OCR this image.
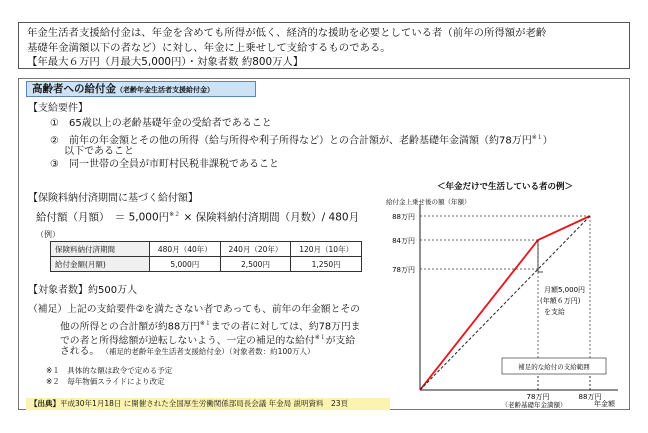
年金生活者支援給付金は、年金を含めても所得が低く、経済的な援助を必要としている者（前年の所得額が老齢
基礎年金満額以下の者など）に対し、年金に上乗せして支給するものである。
【年最大６万円（月最大5,000円）・対象者数 約800万人】
高齢者への給付金（老齢年金生活者支援給付金）
【支給要件】
①　65歳以上の老齢基礎年金の受給者であること
②　前年の年金額とその他の所得（給与所得や利子所得など）との合計額が、老齢基礎年金満額（約78万円$^{※1}$）
以下であること
③　同一世帯の全員が市町村民税非課税であること
【保険料納付済期間に基づく給付額】
給付額（月額）　＝ 5,000円$^{※2}$ × 保険料納付済期間（月数）/ 480月
（例）
保険料納付済期間	480月（40年）	240月（20年）	120月（10年）
給付金額(月額)	5,000円	2,500円	1,250円
【対象者数】約500万人
（補足）上記の支給要件②を満たさない者であっても、前年の年金額とその
他の所得との合計額が約88万円$^{※1}$までの者に対しては、約78万円ま
での者と所得総額が逆転しないよう、一定の補足的な給付$^{※1}$が支給
される。 （補足的老齢年金生活者支援給付金）（対象者数：約100万人）
※１　具体的な額は政令で定める予定
※２　毎年物価スライドにより改定
【出典】平成30年1月18日 に開催された全国厚生労働関係部局長会議 年金局 説明資料　23頁
＜年金だけで生活している者の例＞
給付金上乗せ後の額（年額）
年金額
78万円
84万円
88万円
78万円
（老齢基礎年金満額）
88万円
月額5,000円
(年額６万円)
を支給
補足的な給付の支給範囲
